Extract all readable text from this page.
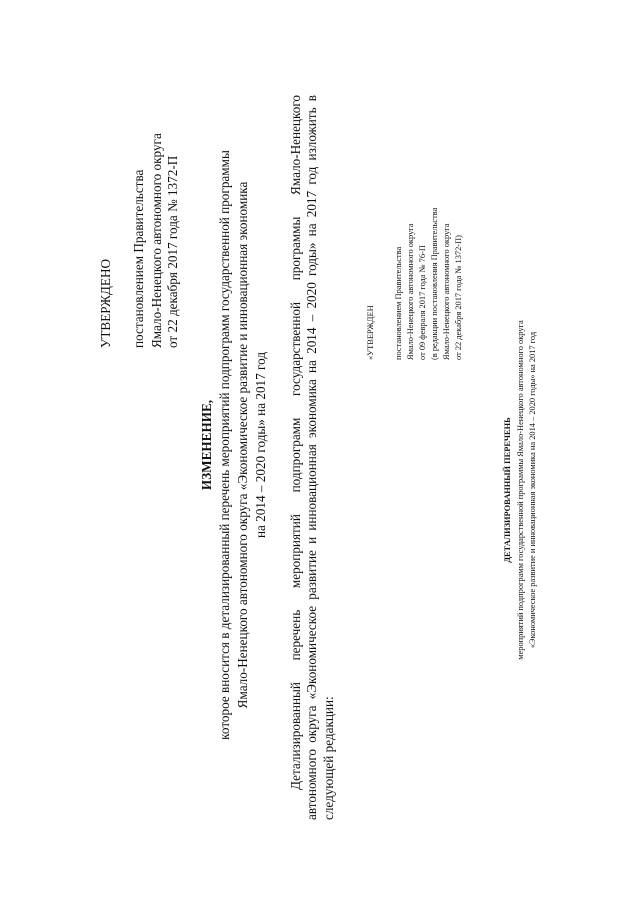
УТВЕРЖДЕНО постановлением Правительства Ямало-Ненецкого автономного округа от 22 декабря 2017 года № 1372-П
ИЗМЕНЕНИЕ, которое вносится в детализированный перечень мероприятий подпрограмм государственной программы Ямало-Ненецкого автономного округа «Экономическое развитие и инновационная экономика на 2014 – 2020 годы» на 2017 год Детализированный перечень мероприятий подпрограмм государственной программы Ямало-Ненецкого автономного округа «Экономическое развитие и инновационная экономика на 2014 – 2020 годы» на 2017 год изложить в следующей редакции:
«УТВЕРЖДЕН постановлением Правительства Ямало-Ненецкого автономного округа от 09 февраля 2017 года № 76-П (в редакции постановления Правительства Ямало-Ненецкого автономного округа от 22 декабря 2017 года № 1372-П)
ДЕТАЛИЗИРОВАННЫЙ ПЕРЕЧЕНЬ мероприятий подпрограмм государственной программы Ямало-Ненецкого автономного округа «Экономическое развитие и инновационная экономика на 2014 – 2020 годы» на 2017 год
